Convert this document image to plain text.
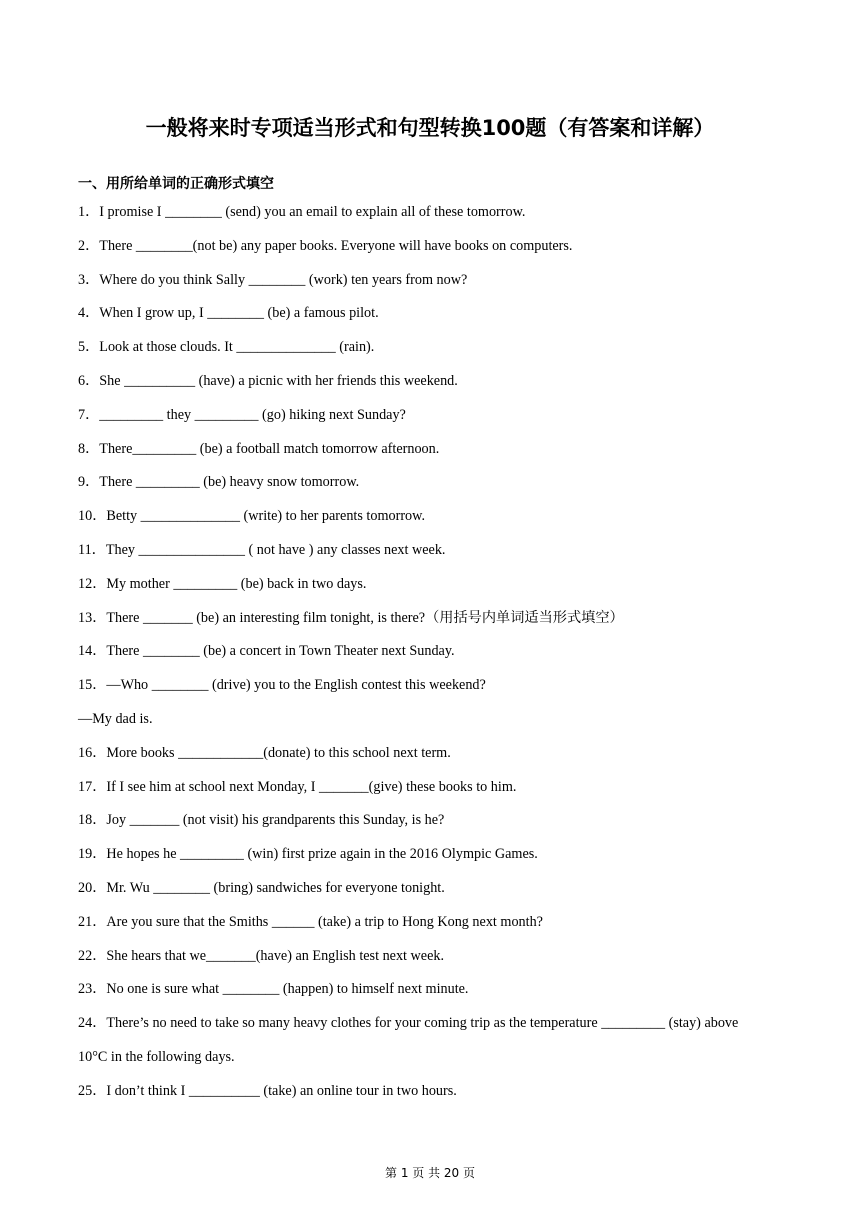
一般将来时专项适当形式和句型转换100题（有答案和详解）
一、用所给单词的正确形式填空
1．I promise I ________ (send) you an email to explain all of these tomorrow.
2．There ________(not be) any paper books. Everyone will have books on computers.
3．Where do you think Sally ________ (work) ten years from now?
4．When I grow up, I ________ (be) a famous pilot.
5．Look at those clouds. It ______________ (rain).
6．She __________ (have) a picnic with her friends this weekend.
7．_________ they _________ (go) hiking next Sunday?
8．There_________ (be) a football match tomorrow afternoon.
9．There _________ (be) heavy snow tomorrow.
10．Betty ______________ (write) to her parents tomorrow.
11．They _______________ ( not have ) any classes next week.
12．My mother _________ (be) back in two days.
13．There _______ (be) an interesting film tonight, is there?（用括号内单词适当形式填空）
14．There ________ (be) a concert in Town Theater next Sunday.
15．—Who ________ (drive) you to the English contest this weekend?
—My dad is.
16．More books ____________(donate) to this school next term.
17．If I see him at school next Monday, I _______(give) these books to him.
18．Joy _______ (not visit) his grandparents this Sunday, is he?
19．He hopes he _________ (win) first prize again in the 2016 Olympic Games.
20．Mr. Wu ________ (bring) sandwiches for everyone tonight.
21．Are you sure that the Smiths ______ (take) a trip to Hong Kong next month?
22．She hears that we_______(have) an English test next week.
23．No one is sure what ________ (happen) to himself next minute.
24．There’s no need to take so many heavy clothes for your coming trip as the temperature _________ (stay) above
10°C in the following days.
25．I don’t think I __________ (take) an online tour in two hours.
第 1 页 共 20 页
